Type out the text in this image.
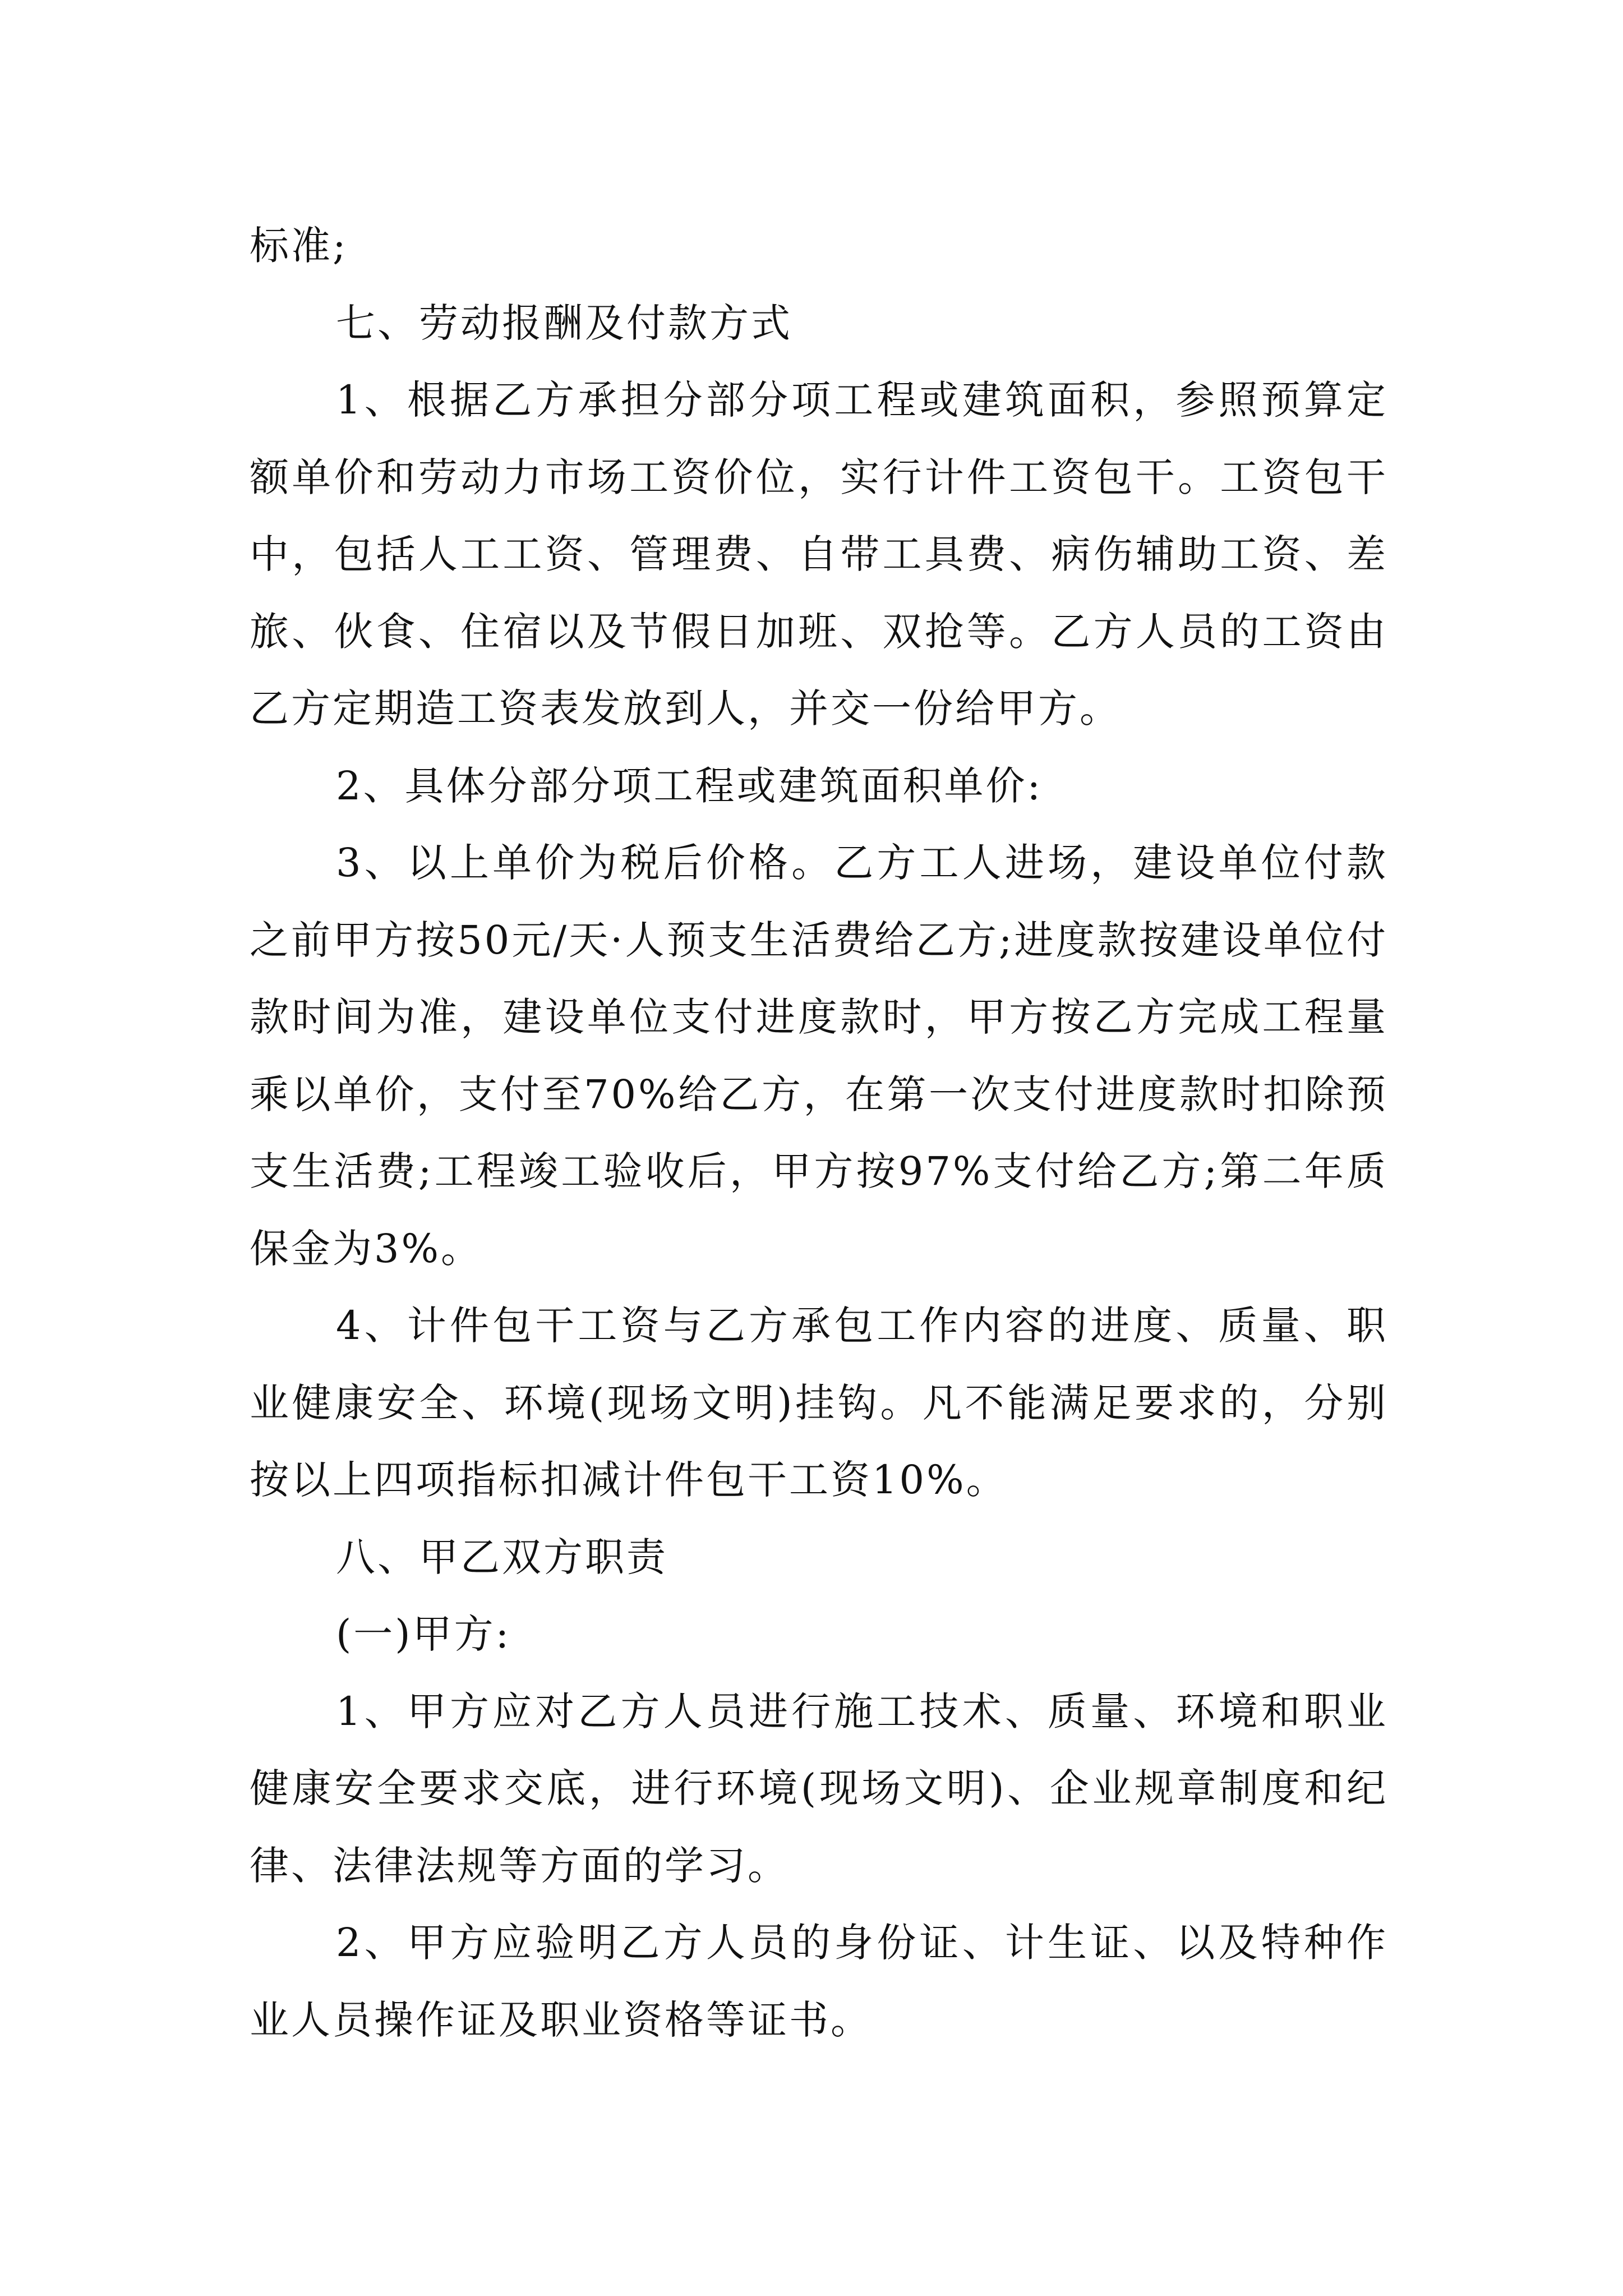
标准;

七、劳动报酬及付款方式

1、根据乙方承担分部分项工程或建筑面积，参照预算定额单价和劳动力市场工资价位，实行计件工资包干。工资包干中，包括人工工资、管理费、自带工具费、病伤辅助工资、差旅、伙食、住宿以及节假日加班、双抢等。乙方人员的工资由乙方定期造工资表发放到人，并交一份给甲方。

2、具体分部分项工程或建筑面积单价:

3、以上单价为税后价格。乙方工人进场，建设单位付款之前甲方按50元/天·人预支生活费给乙方;进度款按建设单位付款时间为准，建设单位支付进度款时，甲方按乙方完成工程量乘以单价，支付至70%给乙方，在第一次支付进度款时扣除预支生活费;工程竣工验收后，甲方按97%支付给乙方;第二年质保金为3%。

4、计件包干工资与乙方承包工作内容的进度、质量、职业健康安全、环境(现场文明)挂钩。凡不能满足要求的，分别按以上四项指标扣减计件包干工资10%。

八、甲乙双方职责

(一)甲方:

1、甲方应对乙方人员进行施工技术、质量、环境和职业健康安全要求交底，进行环境(现场文明)、企业规章制度和纪律、法律法规等方面的学习。

2、甲方应验明乙方人员的身份证、计生证、以及特种作业人员操作证及职业资格等证书。
